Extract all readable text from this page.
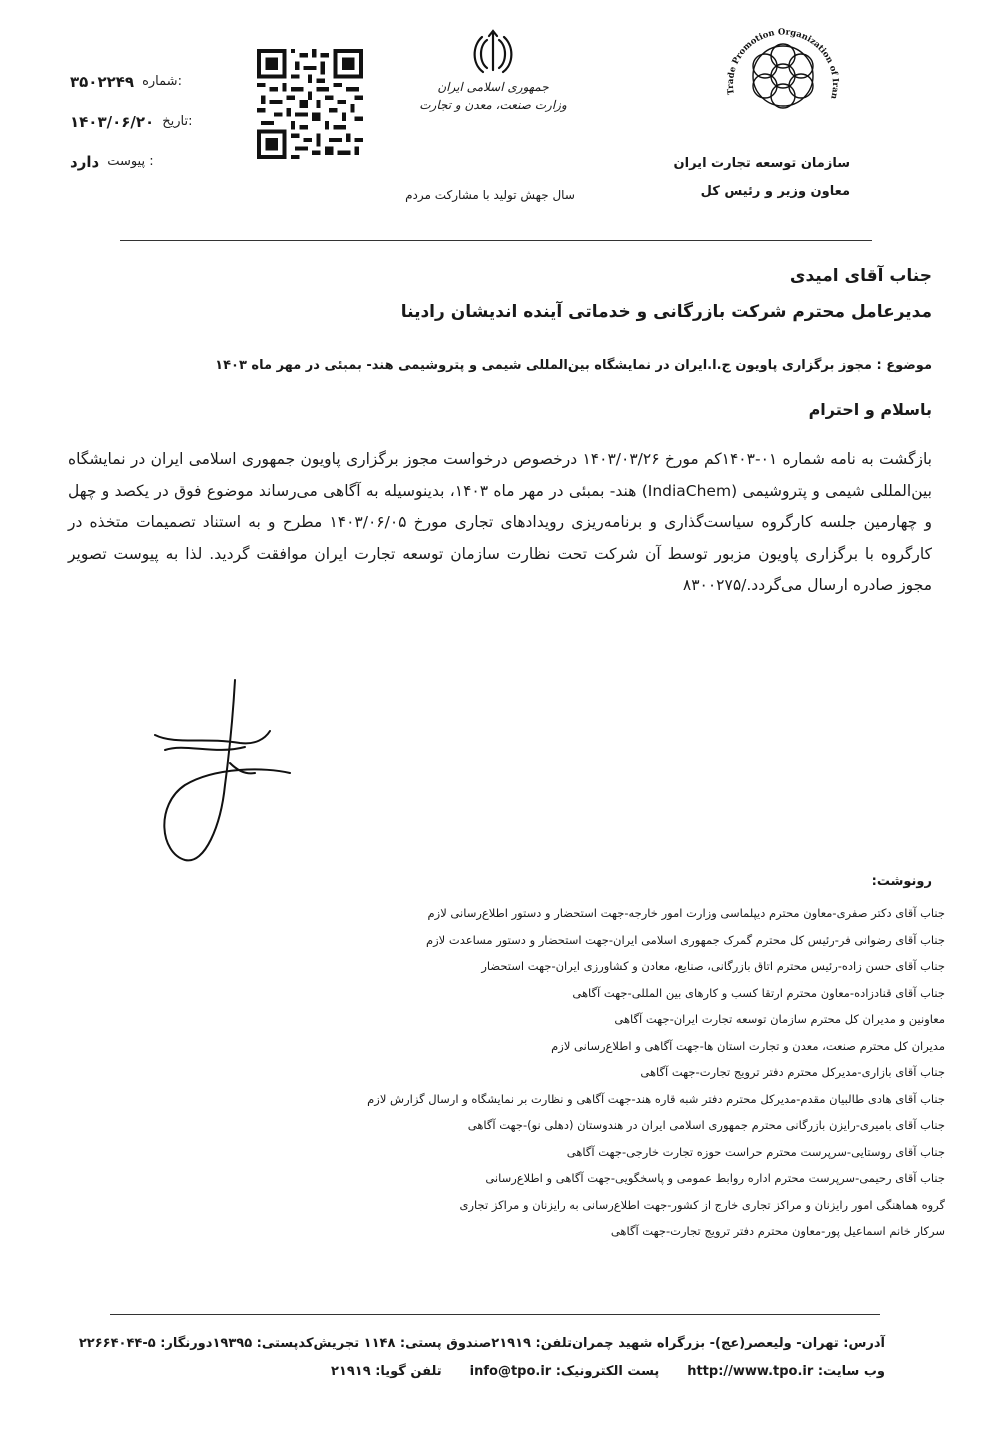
۳۵۰۲۲۴۹ شماره:
۱۴۰۳/۰۶/۲۰ تاریخ:
دارد پیوست :
جمهوری اسلامی ایران
وزارت صنعت، معدن و تجارت
سال جهش تولید با مشارکت مردم
Trade Promotion Organization of Iran
سازمان توسعه تجارت ایران
معاون وزیر و رئیس کل
جناب آقای امیدی
مدیرعامل محترم شرکت بازرگانی و خدماتی آینده اندیشان رادینا
موضوع : مجوز برگزاری پاویون ج.ا.ایران در نمایشگاه بین‌المللی شیمی و پتروشیمی هند- بمبئی در مهر ماه ۱۴۰۳
باسلام و احترام
بازگشت به نامه شماره ۰۱-۱۴۰۳کم مورخ ۱۴۰۳/۰۳/۲۶ درخصوص درخواست مجوز برگزاری پاویون جمهوری اسلامی ایران در نمایشگاه بین‌المللی شیمی و پتروشیمی (IndiaChem) هند- بمبئی در مهر ماه ۱۴۰۳، بدینوسیله به آگاهی می‌رساند موضوع فوق در یکصد و چهل و چهارمین جلسه کارگروه سیاست‌گذاری و برنامه‌ریزی رویدادهای تجاری مورخ ۱۴۰۳/۰۶/۰۵ مطرح و به استناد تصمیمات متخذه در کارگروه با برگزاری پاویون مزبور توسط آن شرکت تحت نظارت سازمان توسعه تجارت ایران موافقت گردید. لذا به پیوست تصویر مجوز صادره ارسال می‌گردد./۸۳۰۰۲۷۵
رونوشت:
جناب آقای دکتر صفری-معاون محترم دیپلماسی وزارت امور خارجه-جهت استحضار و دستور اطلاع‌رسانی لازم
جناب آقای رضوانی فر-رئیس کل محترم گمرک جمهوری اسلامی ایران-جهت استحضار و دستور مساعدت لازم
جناب آقای حسن زاده-رئیس محترم اتاق بازرگانی، صنایع، معادن و کشاورزی ایران-جهت استحضار
جناب آقای قنادزاده-معاون محترم ارتقا کسب و کارهای بین المللی-جهت آگاهی
معاونین و مدیران کل محترم سازمان توسعه تجارت ایران-جهت آگاهی
مدیران کل محترم صنعت، معدن و تجارت استان ها-جهت آگاهی و اطلاع‌رسانی لازم
جناب آقای بازاری-مدیرکل محترم دفتر ترویج تجارت-جهت آگاهی
جناب آقای هادی طالبیان مقدم-مدیرکل محترم دفتر شبه قاره هند-جهت آگاهی و نظارت بر نمایشگاه و ارسال گزارش لازم
جناب آقای بامیری-رایزن بازرگانی محترم جمهوری اسلامی ایران در هندوستان (دهلی نو)-جهت آگاهی
جناب آقای روستایی-سرپرست محترم حراست حوزه تجارت خارجی-جهت آگاهی
جناب آقای رحیمی-سرپرست محترم اداره روابط عمومی و پاسخگویی-جهت آگاهی و اطلاع‌رسانی
گروه هماهنگی امور رایزنان و مراکز تجاری خارج از کشور-جهت اطلاع‌رسانی به رایزنان و مراکز تجاری
سرکار خانم اسماعیل پور-معاون محترم دفتر ترویج تجارت-جهت آگاهی
آدرس: تهران- ولیعصر(عج)- بزرگراه شهید چمران
تلفن: ۲۱۹۱۹
صندوق پستی: ۱۱۴۸ تجریش
کدپستی: ۱۹۳۹۵
دورنگار: ۵-۲۲۶۶۴۰۴۴
وب سایت: http://www.tpo.ir
پست الکترونیک: info@tpo.ir
تلفن گویا: ۲۱۹۱۹
